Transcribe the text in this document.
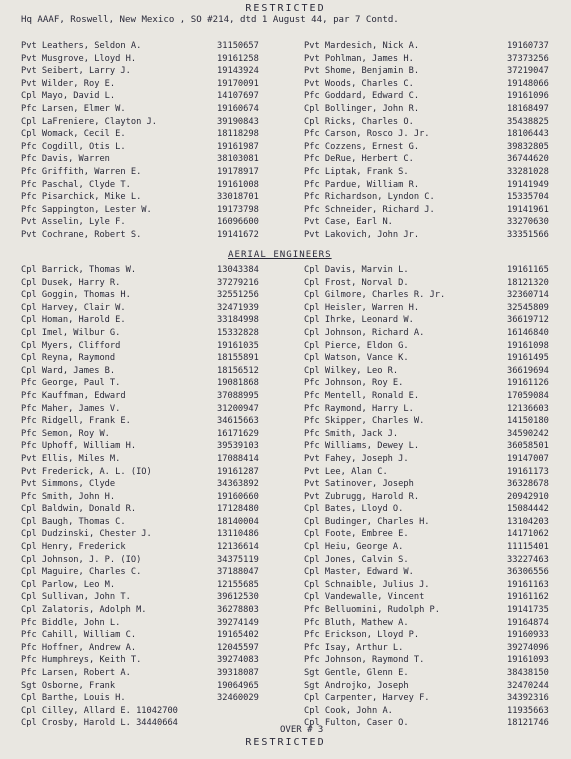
RESTRICTED
Hq AAAF, Roswell, New Mexico , SO #214, dtd 1 August 44, par 7 Contd.
Pvt Leathers, Seldon A.	31150657	Pvt Mardesich, Nick A.	19160737
Pvt Musgrove, Lloyd H.	19161258	Pvt Pohlman, James H.	37373256
Pvt Seibert, Larry J.	19143924	Pvt Shome, Benjamin B.	37219047
Pvt Wilder, Roy E.	19170091	Pvt Woods, Charles C.	19148066
Cpl Mayo, David L.	14107697	Pfc Goddard, Edward C.	19161096
Pfc Larsen, Elmer W.	19160674	Cpl Bollinger, John R.	18168497
Cpl LaFreniere, Clayton J.	39190843	Cpl Ricks, Charles O.	35438825
Cpl Womack, Cecil E.	18118298	Pfc Carson, Rosco J. Jr.	18106443
Pfc Cogdill, Otis L.	19161987	Pfc Cozzens, Ernest G.	39832805
Pfc Davis, Warren	38103081	Pfc DeRue, Herbert C.	36744620
Pfc Griffith, Warren E.	19178917	Pfc Liptak, Frank S.	33281028
Pfc Paschal, Clyde T.	19161008	Pfc Pardue, William R.	19141949
Pfc Pisarchick, Mike L.	33018701	Pfc Richardson, Lyndon C.	15335704
Pfc Sappington, Lester W.	19173798	Pfc Schneider, Richard J.	19141961
Pvt Asselin, Lyle F.	16096600	Pvt Case, Earl N.	33270630
Pvt Cochrane, Robert S.	19141672	Pvt Lakovich, John Jr.	33351566
AERIAL ENGINEERS
Cpl Barrick, Thomas W.	13043384	Cpl Davis, Marvin L.	19161165
Cpl Dusek, Harry R.	37279216	Cpl Frost, Norval D.	18121320
Cpl Goggin, Thomas H.	32551256	Cpl Gilmore, Charles R. Jr.	32360714
Cpl Harvey, Clair W.	32471939	Cpl Heisler, Warren H.	32545809
Cpl Homan, Harold E.	33184998	Cpl Ihrke, Leonard W.	36619712
Cpl Imel, Wilbur G.	15332828	Cpl Johnson, Richard A.	16146840
Cpl Myers, Clifford	19161035	Cpl Pierce, Eldon G.	19161098
Cpl Reyna, Raymond	18155891	Cpl Watson, Vance K.	19161495
Cpl Ward, James B.	18156512	Cpl Wilkey, Leo R.	36619694
Pfc George, Paul T.	19081868	Pfc Johnson, Roy E.	19161126
Pfc Kauffman, Edward	37088995	Pfc Mentell, Ronald E.	17059084
Pfc Maher, James V.	31200947	Pfc Raymond, Harry L.	12136603
Pfc Ridgell, Frank E.	34615663	Pfc Skipper, Charles W.	14150180
Pfc Semon, Roy W.	16171629	Pfc Smith, Jack J.	34590242
Pfc Uphoff, William H.	39539103	Pfc Williams, Dewey L.	36058501
Pvt Ellis, Miles M.	17088414	Pvt Fahey, Joseph J.	19147007
Pvt Frederick, A. L. (IO)	19161287	Pvt Lee, Alan C.	19161173
Pvt Simmons, Clyde	34363892	Pvt Satinover, Joseph	36328678
Pfc Smith, John H.	19160660	Pvt Zubrugg, Harold R.	20942910
Cpl Baldwin, Donald R.	17128480	Cpl Bates, Lloyd O.	15084442
Cpl Baugh, Thomas C.	18140004	Cpl Budinger, Charles H.	13104203
Cpl Dudzinski, Chester J.	13110486	Cpl Foote, Embree E.	14171062
Cpl Henry, Frederick	12136614	Cpl Heiu, George A.	11115401
Cpl Johnson, J. P. (IO)	34375119	Cpl Jones, Calvin S.	33227463
Cpl Maguire, Charles C.	37188047	Cpl Master, Edward W.	36306556
Cpl Parlow, Leo M.	12155685	Cpl Schnaible, Julius J.	19161163
Cpl Sullivan, John T.	39612530	Cpl Vandewalle, Vincent	19161162
Cpl Zalatoris, Adolph M.	36278803	Pfc Belluomini, Rudolph P.	19141735
Pfc Biddle, John L.	39274149	Pfc Bluth, Mathew A.	19164874
Pfc Cahill, William C.	19165402	Pfc Erickson, Lloyd P.	19160933
Pfc Hoffner, Andrew A.	12045597	Pfc Isay, Arthur L.	39274096
Pfc Humphreys, Keith T.	39274083	Pfc Johnson, Raymond T.	19161093
Pfc Larsen, Robert A.	39318087	Sgt Gentle, Glenn E.	38438150
Sgt Osborne, Frank	19064965	Sgt Androjko, Joseph	32470244
Cpl Barthe, Louis H.	32460029	Cpl Carpenter, Harvey F.	34392316
Cpl Cilley, Allard E. 11042700	Cpl Cook, John A.	11935663
Cpl Crosby, Harold L. 34440664	Cpl Fulton, Caser O.	18121746
OVER # 3
RESTRICTED
